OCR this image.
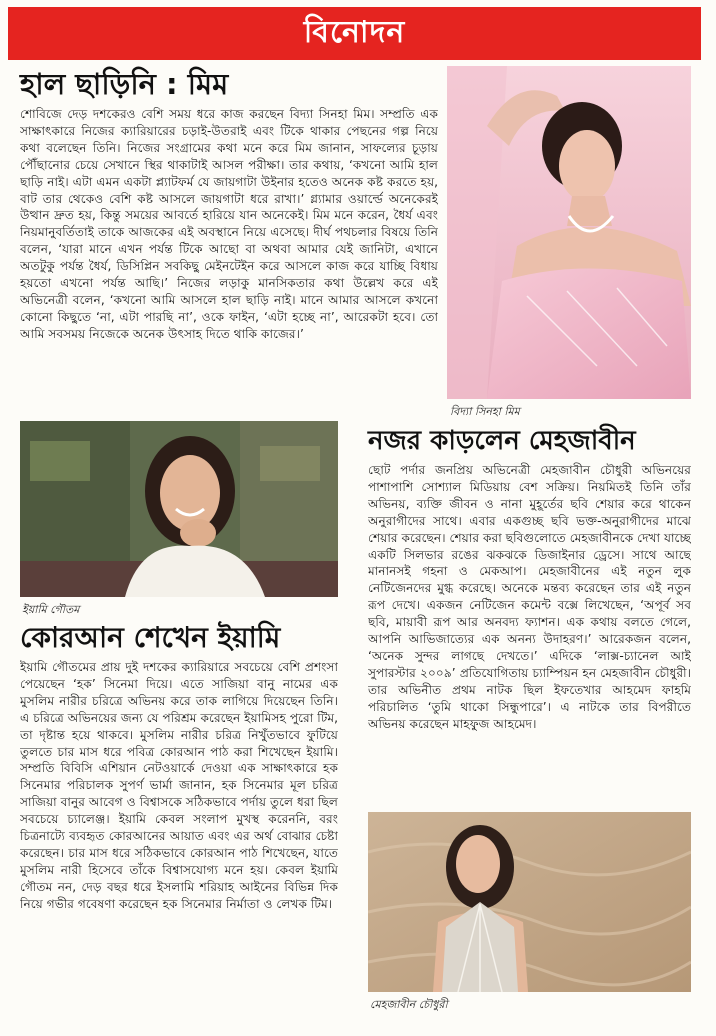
বিনোদন
হাল ছাড়িনি : মিম
শোবিজে দেড় দশকেরও বেশি সময় ধরে কাজ করছেন বিদ্যা সিনহা মিম। সম্প্রতি এক সাক্ষাৎকারে নিজের ক্যারিয়ারের চড়াই-উতরাই এবং টিকে থাকার পেছনের গল্প নিয়ে কথা বলেছেন তিনি। নিজের সংগ্রামের কথা মনে করে মিম জানান, সাফল্যের চূড়ায় পৌঁছানোর চেয়ে সেখানে স্থির থাকাটাই আসল পরীক্ষা। তার কথায়, ‘কখনো আমি হাল ছাড়ি নাই। এটা এমন একটা প্ল্যাটফর্ম যে জায়গাটা উইনার হতেও অনেক কষ্ট করতে হয়, বাট তার থেকেও বেশি কষ্ট আসলে জায়গাটা ধরে রাখা।’ গ্ল্যামার ওয়ার্ল্ডে অনেকেরই উত্থান দ্রুত হয়, কিন্তু সময়ের আবর্তে হারিয়ে যান অনেকেই। মিম মনে করেন, ধৈর্য এবং নিয়মানুবর্তিতাই তাকে আজকের এই অবস্থানে নিয়ে এসেছে। দীর্ঘ পথচলার বিষয়ে তিনি বলেন, ‘যারা মানে এখন পর্যন্ত টিকে আছো বা অথবা আমার যেই জানিটা, এখানে অতটুকু পর্যন্ত ধৈর্য, ডিসিপ্লিন সবকিছু মেইনটেইন করে আসলে কাজ করে যাচ্ছি বিধায় হয়তো এখনো পর্যন্ত আছি।’ নিজের লড়াকু মানসিকতার কথা উল্লেখ করে এই অভিনেত্রী বলেন, ‘কখনো আমি আসলে হাল ছাড়ি নাই। মানে আমার আসলে কখনো কোনো কিছুতে ‘না, এটা পারছি না’, ওকে ফাইন, ‘এটা হচ্ছে না’, আরেকটা হবে। তো আমি সবসময় নিজেকে অনেক উৎসাহ দিতে থাকি কাজের।’
বিদ্যা সিনহা মিম
ইয়ামি গৌতম
নজর কাড়লেন মেহজাবীন
ছোট পর্দার জনপ্রিয় অভিনেত্রী মেহজাবীন চৌধুরী অভিনয়ের পাশাপাশি সোশ্যাল মিডিয়ায় বেশ সক্রিয়। নিয়মিতই তিনি তাঁর অভিনয়, ব্যক্তি জীবন ও নানা মুহূর্তের ছবি শেয়ার করে থাকেন অনুরাগীদের সাথে। এবার একগুচ্ছ ছবি ভক্ত-অনুরাগীদের মাঝে শেয়ার করেছেন। শেয়ার করা ছবিগুলোতে মেহজাবীনকে দেখা যাচ্ছে একটি সিলভার রঙের ঝকঝকে ডিজাইনার ড্রেসে। সাথে আছে মানানসই গহনা ও মেকআপ। মেহজাবীনের এই নতুন লুক নেটিজেনদের মুগ্ধ করেছে। অনেকে মন্তব্য করেছেন তার এই নতুন রূপ দেখে। একজন নেটিজেন কমেন্ট বক্সে লিখেছেন, ‘অপূর্ব সব ছবি, মায়াবী রূপ আর অনবদ্য ফ্যাশন। এক কথায় বলতে গেলে, আপনি আভিজাত্যের এক অনন্য উদাহরণ।’ আরেকজন বলেন, ‘অনেক সুন্দর লাগছে দেখতে।’ এদিকে ‘লাক্স-চ্যানেল আই সুপারস্টার ২০০৯’ প্রতিযোগিতায় চ্যাম্পিয়ন হন মেহজাবীন চৌধুরী। তার অভিনীত প্রথম নাটক ছিল ইফতেখার আহমেদ ফাহমি পরিচালিত ‘তুমি থাকো সিন্ধুপারে’। এ নাটকে তার বিপরীতে অভিনয় করেছেন মাহফুজ আহমেদ।
কোরআন শেখেন ইয়ামি
ইয়ামি গৌতমের প্রায় দুই দশকের ক্যারিয়ারে সবচেয়ে বেশি প্রশংসা পেয়েছেন ‘হক’ সিনেমা দিয়ে। এতে সাজিয়া বানু নামের এক মুসলিম নারীর চরিত্রে অভিনয় করে তাক লাগিয়ে দিয়েছেন তিনি। এ চরিত্রে অভিনয়ের জন্য যে পরিশ্রম করেছেন ইয়ামিসহ পুরো টিম, তা দৃষ্টান্ত হয়ে থাকবে। মুসলিম নারীর চরিত্র নিখুঁতভাবে ফুটিয়ে তুলতে চার মাস ধরে পবিত্র কোরআন পাঠ করা শিখেছেন ইয়ামি। সম্প্রতি বিবিসি এশিয়ান নেটওয়ার্কে দেওয়া এক সাক্ষাৎকারে হক সিনেমার পরিচালক সুপর্ণ ভার্মা জানান, হক সিনেমার মূল চরিত্র সাজিয়া বানুর আবেগ ও বিশ্বাসকে সঠিকভাবে পর্দায় তুলে ধরা ছিল সবচেয়ে চ্যালেঞ্জ। ইয়ামি কেবল সংলাপ মুখস্থ করেননি, বরং চিত্রনাট্যে ব্যবহৃত কোরআনের আয়াত এবং এর অর্থ বোঝার চেষ্টা করেছেন। চার মাস ধরে সঠিকভাবে কোরআন পাঠ শিখেছেন, যাতে মুসলিম নারী হিসেবে তাঁকে বিশ্বাসযোগ্য মনে হয়। কেবল ইয়ামি গৌতম নন, দেড় বছর ধরে ইসলামি শরিয়াহ আইনের বিভিন্ন দিক নিয়ে গভীর গবেষণা করেছেন হক সিনেমার নির্মাতা ও লেখক টিম।
মেহজাবীন চৌধুরী
